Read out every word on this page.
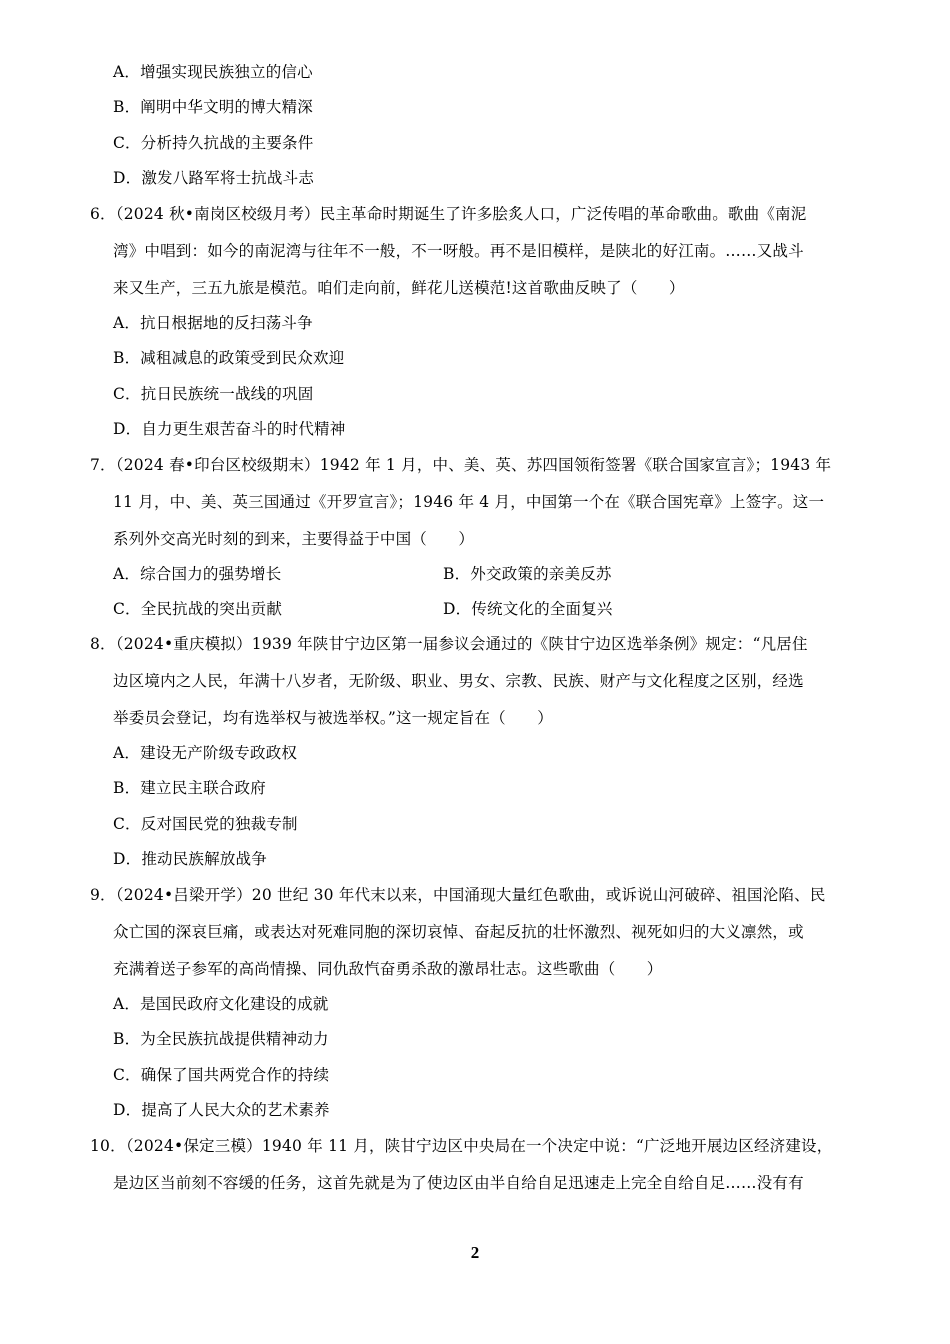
A．增强实现民族独立的信心
B．阐明中华文明的博大精深
C．分析持久抗战的主要条件
D．激发八路军将士抗战斗志
6．（2024 秋•南岗区校级月考）民主革命时期诞生了许多脍炙人口，广泛传唱的革命歌曲。歌曲《南泥
湾》中唱到：如今的南泥湾与往年不一般，不一呀般。再不是旧模样，是陕北的好江南。……又战斗
来又生产，三五九旅是模范。咱们走向前，鲜花儿送模范!这首歌曲反映了（　　）
A．抗日根据地的反扫荡斗争
B．减租减息的政策受到民众欢迎
C．抗日民族统一战线的巩固
D．自力更生艰苦奋斗的时代精神
7．（2024 春•印台区校级期末）1942 年 1 月，中、美、英、苏四国领衔签署《联合国家宣言》；1943 年
11 月，中、美、英三国通过《开罗宣言》；1946 年 4 月，中国第一个在《联合国宪章》上签字。这一
系列外交高光时刻的到来，主要得益于中国（　　）
A．综合国力的强势增长	B．外交政策的亲美反苏
C．全民抗战的突出贡献	D．传统文化的全面复兴
8．（2024•重庆模拟）1939 年陕甘宁边区第一届参议会通过的《陕甘宁边区选举条例》规定：“凡居住
边区境内之人民，年满十八岁者，无阶级、职业、男女、宗教、民族、财产与文化程度之区别，经选
举委员会登记，均有选举权与被选举权。”这一规定旨在（　　）
A．建设无产阶级专政政权
B．建立民主联合政府
C．反对国民党的独裁专制
D．推动民族解放战争
9．（2024•吕梁开学）20 世纪 30 年代末以来，中国涌现大量红色歌曲，或诉说山河破碎、祖国沦陷、民
众亡国的深哀巨痛，或表达对死难同胞的深切哀悼、奋起反抗的壮怀激烈、视死如归的大义凛然，或
充满着送子参军的高尚情操、同仇敌忾奋勇杀敌的激昂壮志。这些歌曲（　　）
A．是国民政府文化建设的成就
B．为全民族抗战提供精神动力
C．确保了国共两党合作的持续
D．提高了人民大众的艺术素养
10．（2024•保定三模）1940 年 11 月，陕甘宁边区中央局在一个决定中说：“广泛地开展边区经济建设，
是边区当前刻不容缓的任务，这首先就是为了使边区由半自给自足迅速走上完全自给自足……没有有
2
